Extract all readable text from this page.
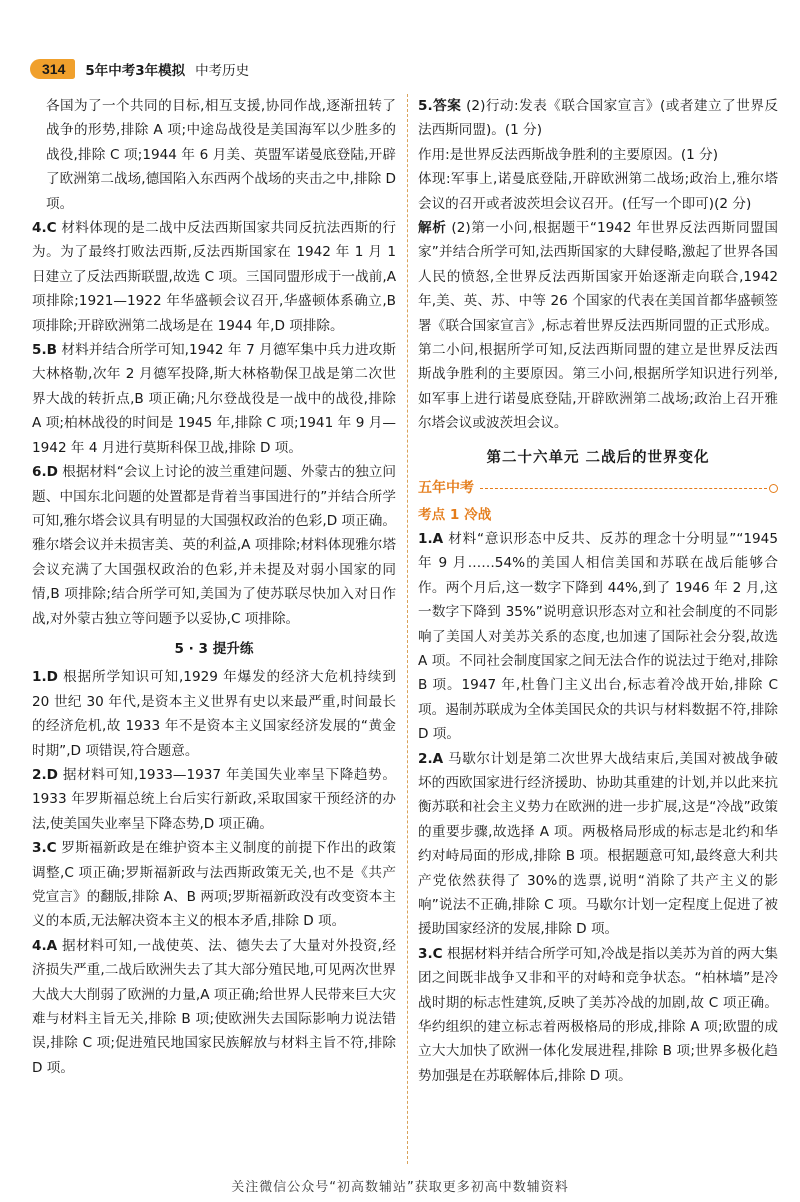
314	5年中考3年模拟 中考历史

各国为了一个共同的目标,相互支援,协同作战,逐渐扭转了战争的形势,排除 A 项;中途岛战役是美国海军以少胜多的战役,排除 C 项;1944 年 6 月美、英盟军诺曼底登陆,开辟了欧洲第二战场,德国陷入东西两个战场的夹击之中,排除 D 项。

4.C 材料体现的是二战中反法西斯国家共同反抗法西斯的行为。为了最终打败法西斯,反法西斯国家在 1942 年 1 月 1 日建立了反法西斯联盟,故选 C 项。三国同盟形成于一战前,A 项排除;1921—1922 年华盛顿会议召开,华盛顿体系确立,B 项排除;开辟欧洲第二战场是在 1944 年,D 项排除。

5.B 材料并结合所学可知,1942 年 7 月德军集中兵力进攻斯大林格勒,次年 2 月德军投降,斯大林格勒保卫战是第二次世界大战的转折点,B 项正确;凡尔登战役是一战中的战役,排除 A 项;柏林战役的时间是 1945 年,排除 C 项;1941 年 9 月—1942 年 4 月进行莫斯科保卫战,排除 D 项。

6.D 根据材料“会议上讨论的波兰重建问题、外蒙古的独立问题、中国东北问题的处置都是背着当事国进行的”并结合所学可知,雅尔塔会议具有明显的大国强权政治的色彩,D 项正确。雅尔塔会议并未损害美、英的利益,A 项排除;材料体现雅尔塔会议充满了大国强权政治的色彩,并未提及对弱小国家的同情,B 项排除;结合所学可知,美国为了使苏联尽快加入对日作战,对外蒙古独立等问题予以妥协,C 项排除。

5 · 3 提升练

1.D 根据所学知识可知,1929 年爆发的经济大危机持续到 20 世纪 30 年代,是资本主义世界有史以来最严重,时间最长的经济危机,故 1933 年不是资本主义国家经济发展的“黄金时期”,D 项错误,符合题意。

2.D 据材料可知,1933—1937 年美国失业率呈下降趋势。1933 年罗斯福总统上台后实行新政,采取国家干预经济的办法,使美国失业率呈下降态势,D 项正确。

3.C 罗斯福新政是在维护资本主义制度的前提下作出的政策调整,C 项正确;罗斯福新政与法西斯政策无关,也不是《共产党宣言》的翻版,排除 A、B 两项;罗斯福新政没有改变资本主义的本质,无法解决资本主义的根本矛盾,排除 D 项。

4.A 据材料可知,一战使英、法、德失去了大量对外投资,经济损失严重,二战后欧洲失去了其大部分殖民地,可见两次世界大战大大削弱了欧洲的力量,A 项正确;给世界人民带来巨大灾难与材料主旨无关,排除 B 项;使欧洲失去国际影响力说法错误,排除 C 项;促进殖民地国家民族解放与材料主旨不符,排除 D 项。

5.答案 (2)行动:发表《联合国家宣言》(或者建立了世界反法西斯同盟)。(1 分)

作用:是世界反法西斯战争胜利的主要原因。(1 分)

体现:军事上,诺曼底登陆,开辟欧洲第二战场;政治上,雅尔塔会议的召开或者波茨坦会议召开。(任写一个即可)(2 分)

解析 (2)第一小问,根据题干“1942 年世界反法西斯同盟国家”并结合所学可知,法西斯国家的大肆侵略,激起了世界各国人民的愤怒,全世界反法西斯国家开始逐渐走向联合,1942 年,美、英、苏、中等 26 个国家的代表在美国首都华盛顿签署《联合国家宣言》,标志着世界反法西斯同盟的正式形成。第二小问,根据所学可知,反法西斯同盟的建立是世界反法西斯战争胜利的主要原因。第三小问,根据所学知识进行列举,如军事上进行诺曼底登陆,开辟欧洲第二战场;政治上召开雅尔塔会议或波茨坦会议。

第二十六单元 二战后的世界变化
五年中考
考点 1 冷战

1.A 材料“意识形态中反共、反苏的理念十分明显”“1945 年 9 月……54%的美国人相信美国和苏联在战后能够合作。两个月后,这一数字下降到 44%,到了 1946 年 2 月,这一数字下降到 35%”说明意识形态对立和社会制度的不同影响了美国人对美苏关系的态度,也加速了国际社会分裂,故选 A 项。不同社会制度国家之间无法合作的说法过于绝对,排除 B 项。1947 年,杜鲁门主义出台,标志着冷战开始,排除 C 项。遏制苏联成为全体美国民众的共识与材料数据不符,排除 D 项。

2.A 马歇尔计划是第二次世界大战结束后,美国对被战争破坏的西欧国家进行经济援助、协助其重建的计划,并以此来抗衡苏联和社会主义势力在欧洲的进一步扩展,这是“冷战”政策的重要步骤,故选择 A 项。两极格局形成的标志是北约和华约对峙局面的形成,排除 B 项。根据题意可知,最终意大利共产党依然获得了 30%的选票,说明“消除了共产主义的影响”说法不正确,排除 C 项。马歇尔计划一定程度上促进了被援助国家经济的发展,排除 D 项。

3.C 根据材料并结合所学可知,冷战是指以美苏为首的两大集团之间既非战争又非和平的对峙和竞争状态。“柏林墙”是冷战时期的标志性建筑,反映了美苏冷战的加剧,故 C 项正确。华约组织的建立标志着两极格局的形成,排除 A 项;欧盟的成立大大加快了欧洲一体化发展进程,排除 B 项;世界多极化趋势加强是在苏联解体后,排除 D 项。

关注微信公众号“初高数辅站”获取更多初高中数辅资料
